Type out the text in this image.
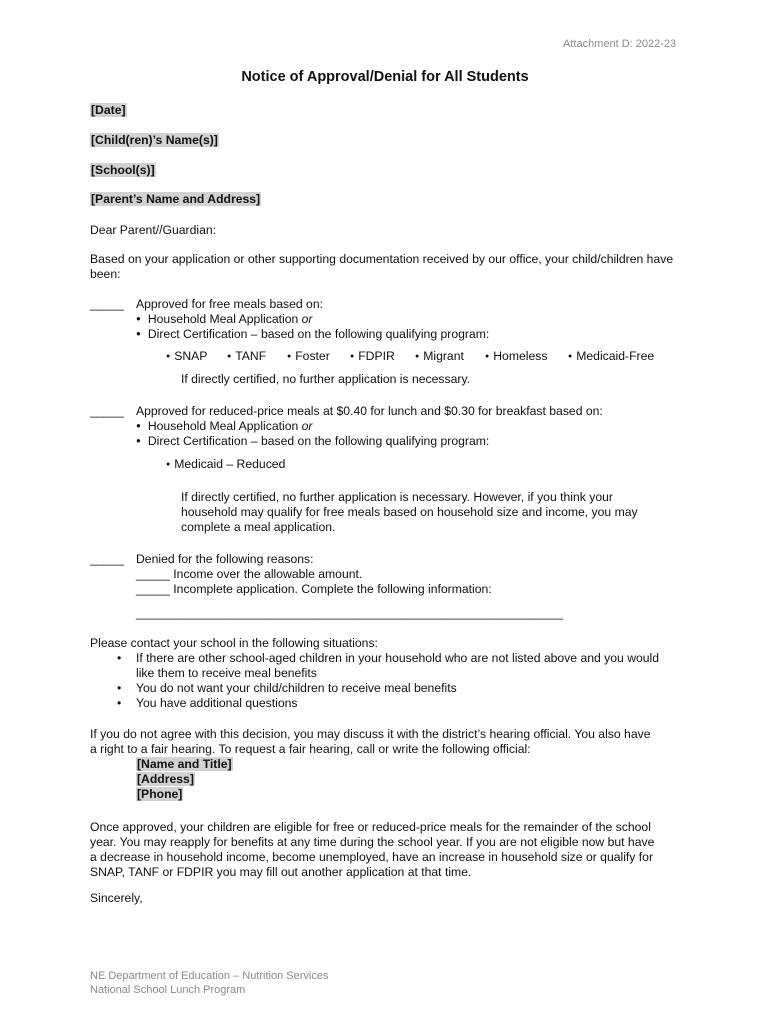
Attachment D: 2022-23
Notice of Approval/Denial for All Students
[Date]
[Child(ren)’s Name(s)]
[School(s)]
[Parent’s Name and Address]
Dear Parent//Guardian:
Based on your application or other supporting documentation received by our office, your child/children have been:
_____ Approved for free meals based on:
● Household Meal Application or
● Direct Certification – based on the following qualifying program:
● SNAP	● TANF	● Foster	● FDPIR	● Migrant	● Homeless	● Medicaid-Free
If directly certified, no further application is necessary.
_____ Approved for reduced-price meals at $0.40 for lunch and $0.30 for breakfast based on:
● Household Meal Application or
● Direct Certification – based on the following qualifying program:
● Medicaid – Reduced
If directly certified, no further application is necessary. However, if you think your
household may qualify for free meals based on household size and income, you may
complete a meal application.
_____ Denied for the following reasons:
_____ Income over the allowable amount.
_____ Incomplete application. Complete the following information:
_______________________________________________________________
Please contact your school in the following situations:
• If there are other school-aged children in your household who are not listed above and you would
like them to receive meal benefits
• You do not want your child/children to receive meal benefits
• You have additional questions
If you do not agree with this decision, you may discuss it with the district’s hearing official. You also have
a right to a fair hearing. To request a fair hearing, call or write the following official:
[Name and Title]
[Address]
[Phone]
Once approved, your children are eligible for free or reduced-price meals for the remainder of the school
year. You may reapply for benefits at any time during the school year. If you are not eligible now but have
a decrease in household income, become unemployed, have an increase in household size or qualify for
SNAP, TANF or FDPIR you may fill out another application at that time.
Sincerely,
NE Department of Education – Nutrition Services
National School Lunch Program
